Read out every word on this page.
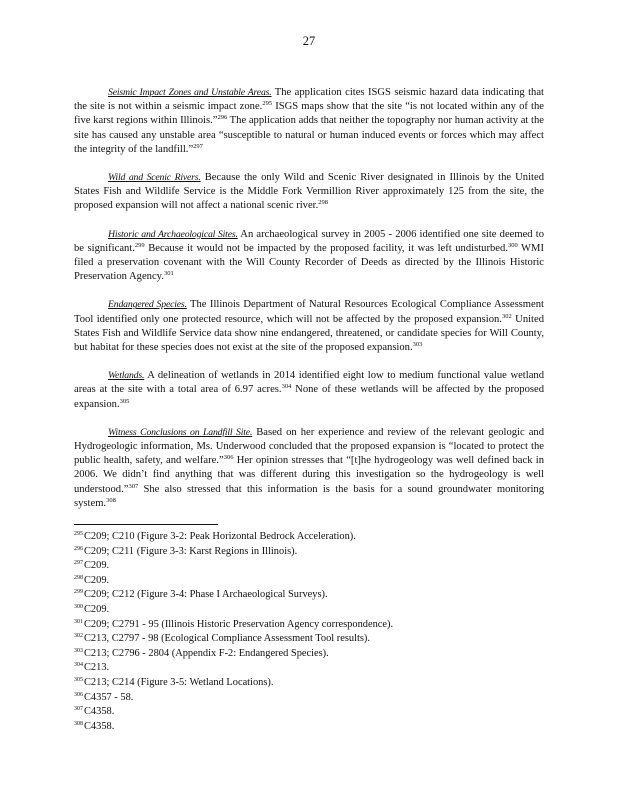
27

Seismic Impact Zones and Unstable Areas. The application cites ISGS seismic hazard data indicating that the site is not within a seismic impact zone.$^{295}$ ISGS maps show that the site “is not located within any of the five karst regions within Illinois.”$^{296}$ The application adds that neither the topography nor human activity at the site has caused any unstable area “susceptible to natural or human induced events or forces which may affect the integrity of the landfill.”$^{297}$

Wild and Scenic Rivers. Because the only Wild and Scenic River designated in Illinois by the United States Fish and Wildlife Service is the Middle Fork Vermillion River approximately 125 from the site, the proposed expansion will not affect a national scenic river.$^{298}$

Historic and Archaeological Sites. An archaeological survey in 2005 - 2006 identified one site deemed to be significant.$^{299}$ Because it would not be impacted by the proposed facility, it was left undisturbed.$^{300}$ WMI filed a preservation covenant with the Will County Recorder of Deeds as directed by the Illinois Historic Preservation Agency.$^{301}$

Endangered Species. The Illinois Department of Natural Resources Ecological Compliance Assessment Tool identified only one protected resource, which will not be affected by the proposed expansion.$^{302}$ United States Fish and Wildlife Service data show nine endangered, threatened, or candidate species for Will County, but habitat for these species does not exist at the site of the proposed expansion.$^{303}$

Wetlands. A delineation of wetlands in 2014 identified eight low to medium functional value wetland areas at the site with a total area of 6.97 acres.$^{304}$ None of these wetlands will be affected by the proposed expansion.$^{305}$

Witness Conclusions on Landfill Site. Based on her experience and review of the relevant geologic and Hydrogeologic information, Ms. Underwood concluded that the proposed expansion is “located to protect the public health, safety, and welfare.”$^{306}$ Her opinion stresses that “[t]he hydrogeology was well defined back in 2006. We didn’t find anything that was different during this investigation so the hydrogeology is well understood.”$^{307}$ She also stressed that this information is the basis for a sound groundwater monitoring system.$^{308}$

$^{295}$C209; C210 (Figure 3-2: Peak Horizontal Bedrock Acceleration).
$^{296}$C209; C211 (Figure 3-3: Karst Regions in Illinois).
$^{297}$C209.
$^{298}$C209.
$^{299}$C209; C212 (Figure 3-4: Phase I Archaeological Surveys).
$^{300}$C209.
$^{301}$C209; C2791 - 95 (Illinois Historic Preservation Agency correspondence).
$^{302}$C213, C2797 - 98 (Ecological Compliance Assessment Tool results).
$^{303}$C213; C2796 - 2804 (Appendix F-2: Endangered Species).
$^{304}$C213.
$^{305}$C213; C214 (Figure 3-5: Wetland Locations).
$^{306}$C4357 - 58.
$^{307}$C4358.
$^{308}$C4358.
